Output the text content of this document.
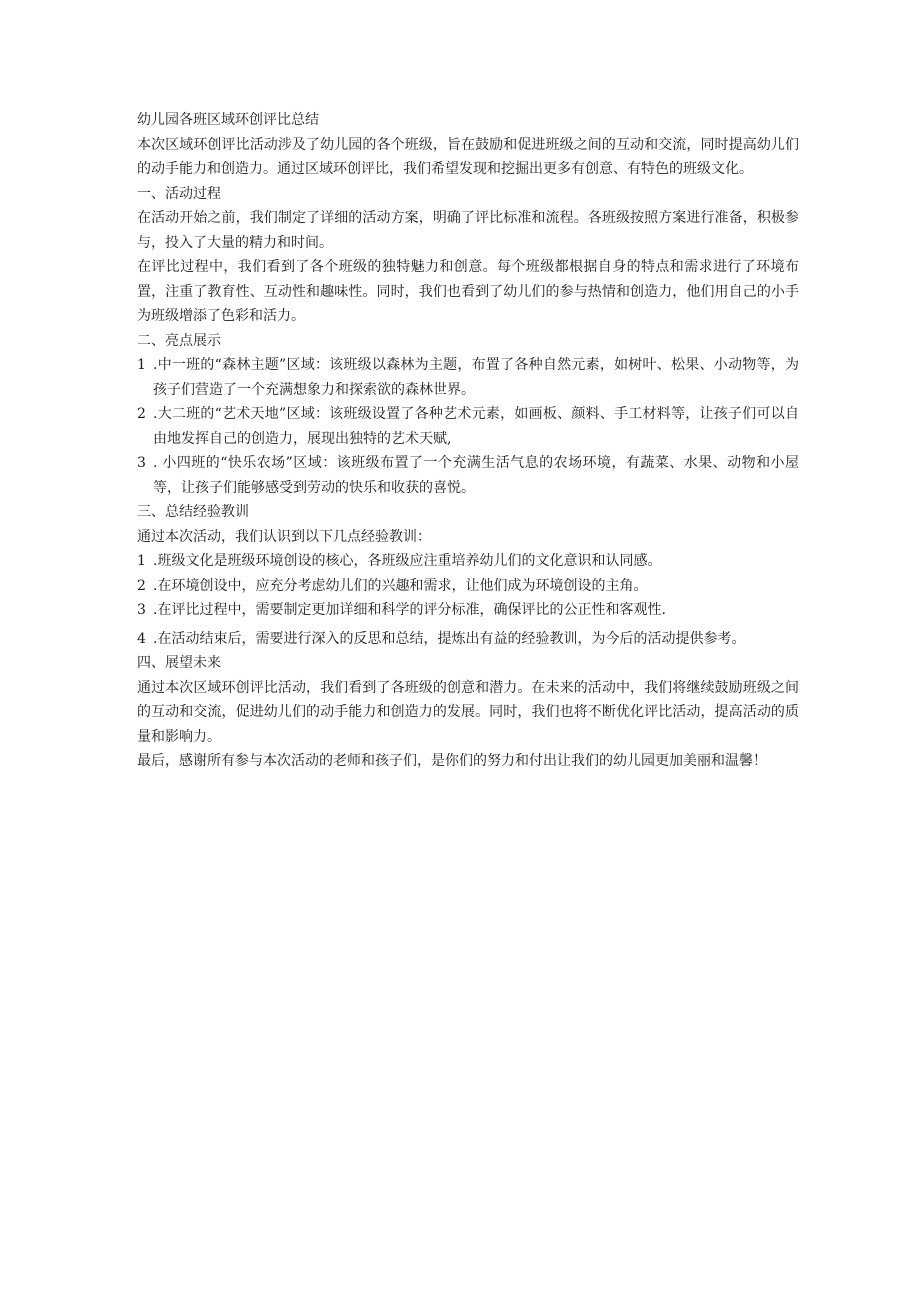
幼儿园各班区域环创评比总结

本次区域环创评比活动涉及了幼儿园的各个班级，旨在鼓励和促进班级之间的互动和交流，同时提高幼儿们的动手能力和创造力。通过区域环创评比，我们希望发现和挖掘出更多有创意、有特色的班级文化。

一、活动过程

在活动开始之前，我们制定了详细的活动方案，明确了评比标准和流程。各班级按照方案进行准备，积极参与，投入了大量的精力和时间。

在评比过程中，我们看到了各个班级的独特魅力和创意。每个班级都根据自身的特点和需求进行了环境布置，注重了教育性、互动性和趣味性。同时，我们也看到了幼儿们的参与热情和创造力，他们用自己的小手为班级增添了色彩和活力。

二、亮点展示

1 .中一班的“森林主题”区域：该班级以森林为主题，布置了各种自然元素，如树叶、松果、小动物等，为孩子们营造了一个充满想象力和探索欲的森林世界。
2 .大二班的“艺术天地”区域：该班级设置了各种艺术元素，如画板、颜料、手工材料等，让孩子们可以自由地发挥自己的创造力，展现出独特的艺术天赋,
3 . 小四班的“快乐农场”区域：该班级布置了一个充满生活气息的农场环境，有蔬菜、水果、动物和小屋等，让孩子们能够感受到劳动的快乐和收获的喜悦。

三、总结经验教训

通过本次活动，我们认识到以下几点经验教训：

1 .班级文化是班级环境创设的核心，各班级应注重培养幼儿们的文化意识和认同感。
2 .在环境创设中，应充分考虑幼儿们的兴趣和需求，让他们成为环境创设的主角。
3 .在评比过程中，需要制定更加详细和科学的评分标准，确保评比的公正性和客观性.
4 .在活动结束后，需要进行深入的反思和总结，提炼出有益的经验教训，为今后的活动提供参考。

四、展望未来

通过本次区域环创评比活动，我们看到了各班级的创意和潜力。在未来的活动中，我们将继续鼓励班级之间的互动和交流，促进幼儿们的动手能力和创造力的发展。同时，我们也将不断优化评比活动，提高活动的质量和影响力。

最后，感谢所有参与本次活动的老师和孩子们，是你们的努力和付出让我们的幼儿园更加美丽和温馨！
